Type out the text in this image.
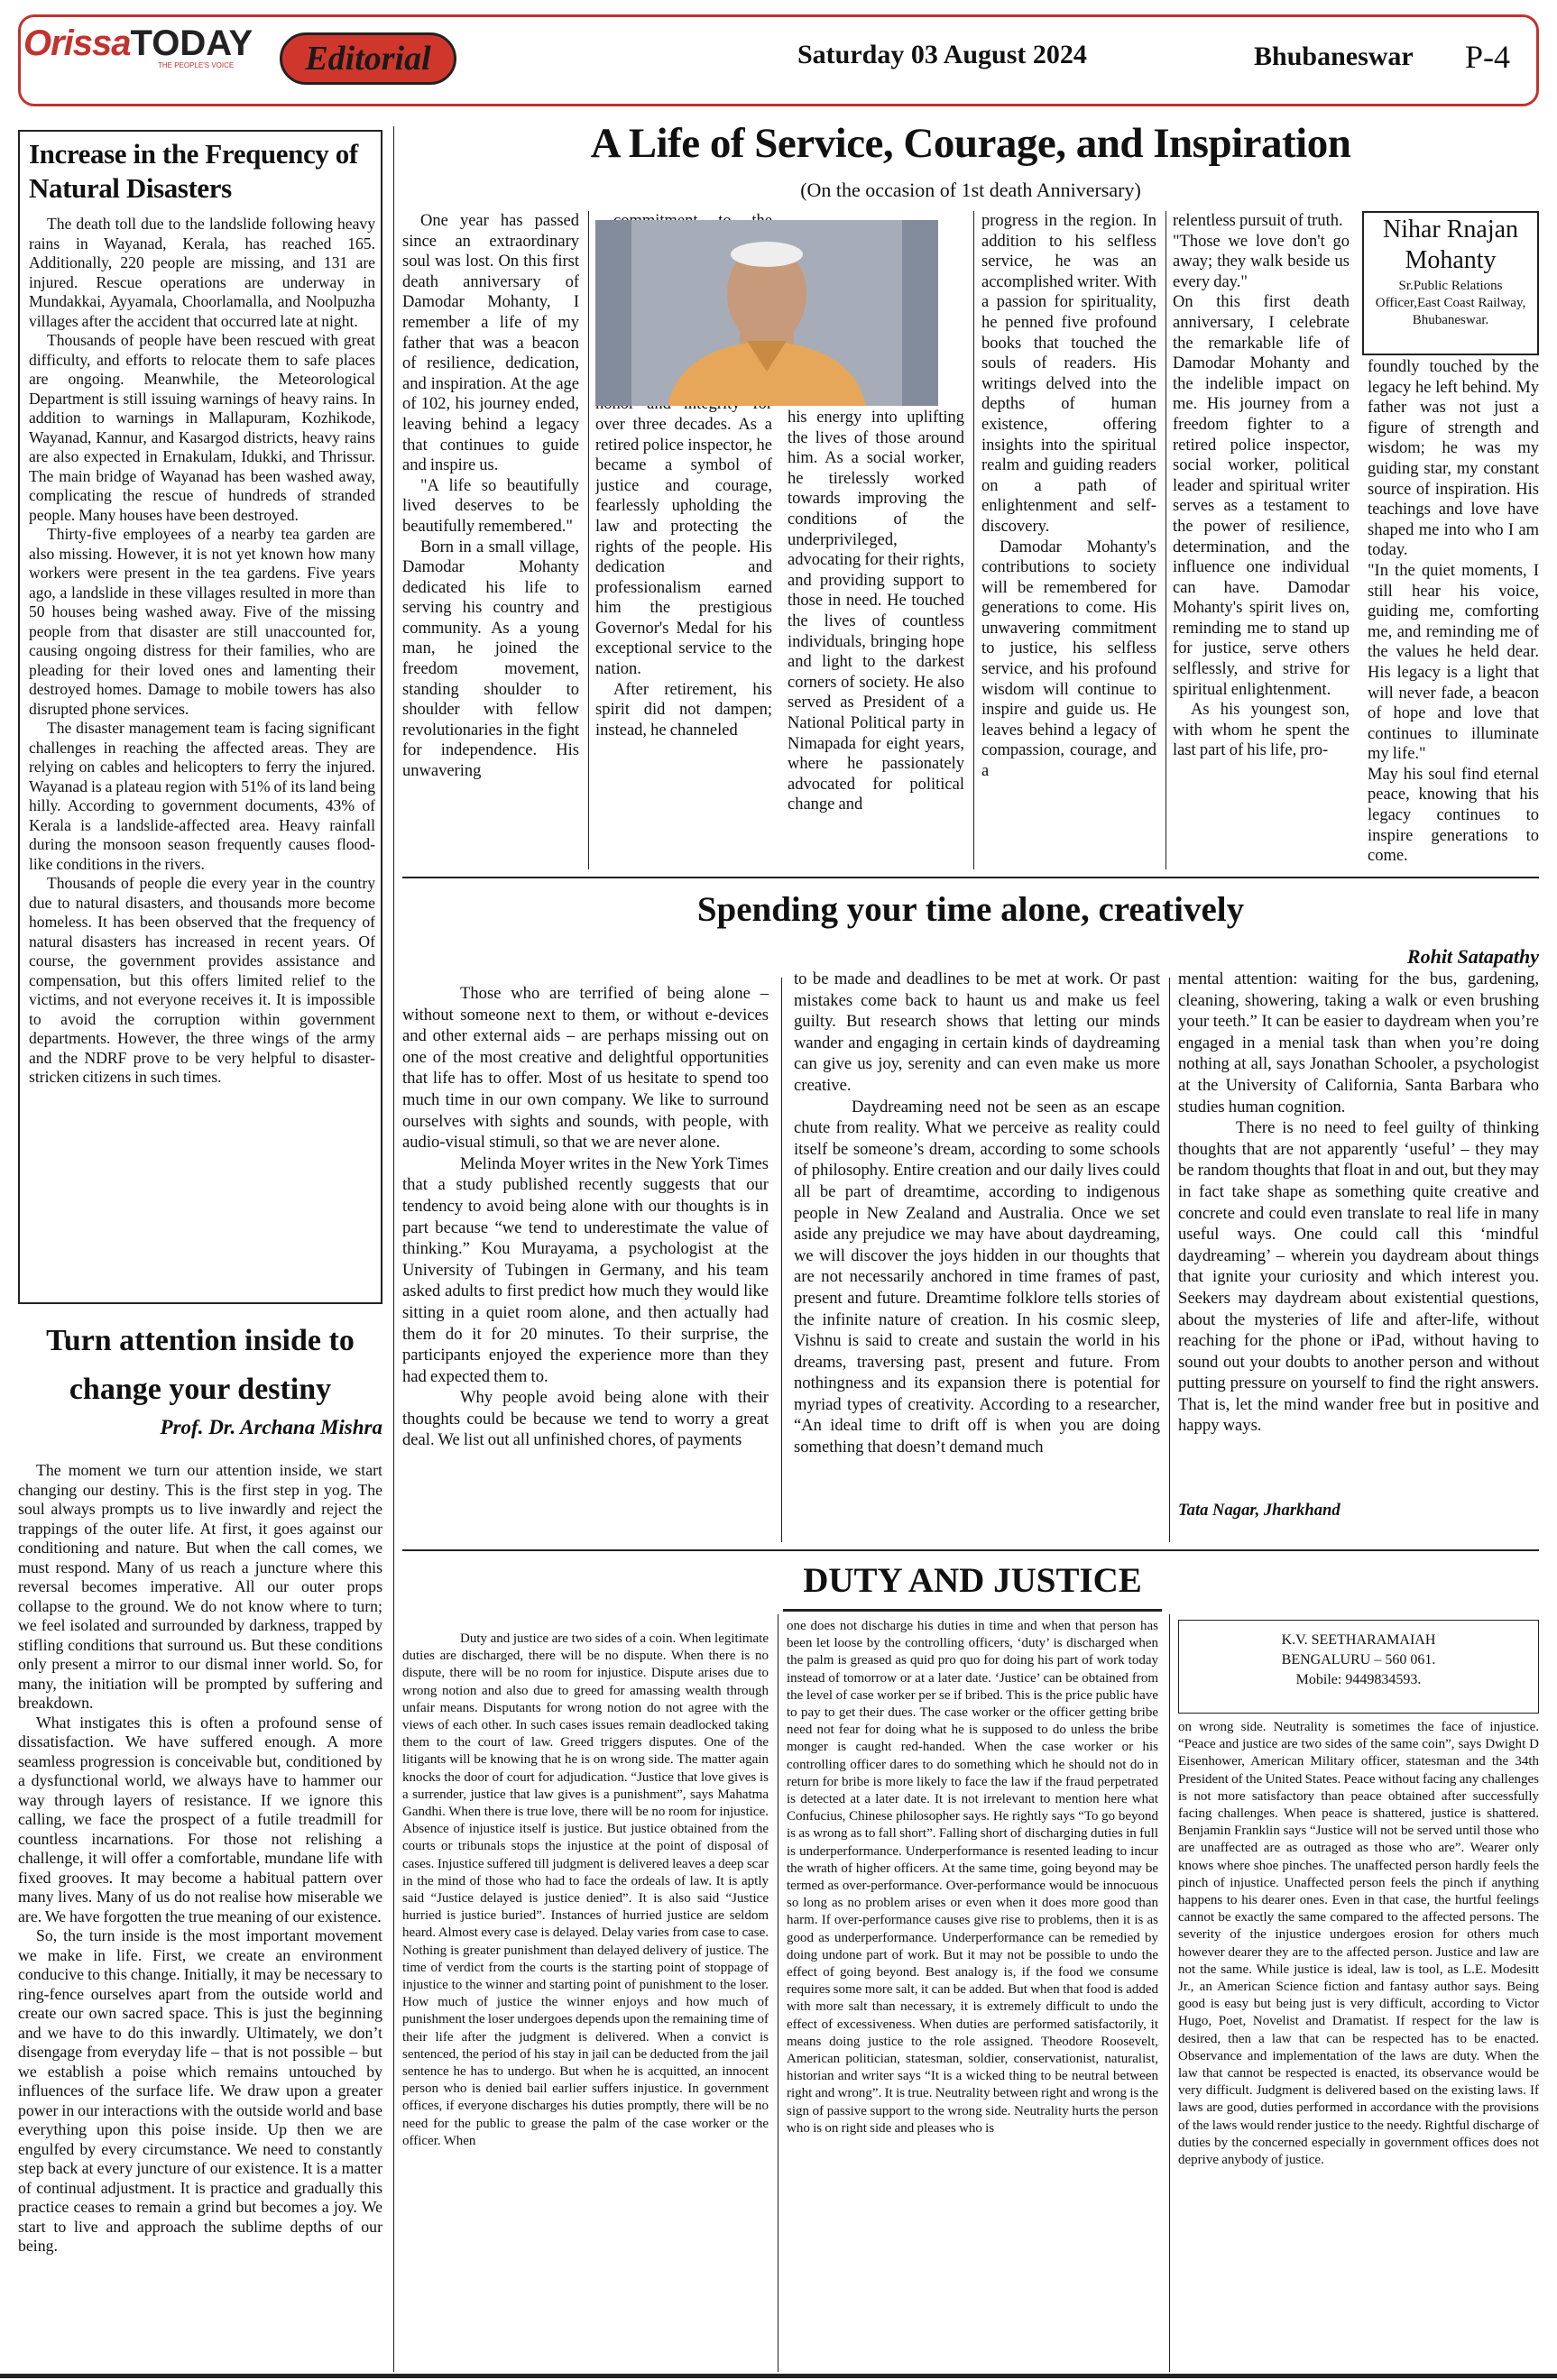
OrissaTODAY
THE PEOPLE'S VOICE	Editorial	Saturday 03 August 2024	Bhubaneswar P-4
Increase in the Frequency of Natural Disasters

The death toll due to the landslide following heavy rains in Wayanad, Kerala, has reached 165. Additionally, 220 people are missing, and 131 are injured. Rescue operations are underway in Mundakkai, Ayyamala, Choorlamalla, and Noolpuzha villages after the accident that occurred late at night.

Thousands of people have been rescued with great difficulty, and efforts to relocate them to safe places are ongoing. Meanwhile, the Meteorological Department is still issuing warnings of heavy rains. In addition to warnings in Mallapuram, Kozhikode, Wayanad, Kannur, and Kasargod districts, heavy rains are also expected in Ernakulam, Idukki, and Thrissur. The main bridge of Wayanad has been washed away, complicating the rescue of hundreds of stranded people. Many houses have been destroyed.

Thirty-five employees of a nearby tea garden are also missing. However, it is not yet known how many workers were present in the tea gardens. Five years ago, a landslide in these villages resulted in more than 50 houses being washed away. Five of the missing people from that disaster are still unaccounted for, causing ongoing distress for their families, who are pleading for their loved ones and lamenting their destroyed homes. Damage to mobile towers has also disrupted phone services.

The disaster management team is facing significant challenges in reaching the affected areas. They are relying on cables and helicopters to ferry the injured. Wayanad is a plateau region with 51% of its land being hilly. According to government documents, 43% of Kerala is a landslide-affected area. Heavy rainfall during the monsoon season frequently causes flood-like conditions in the rivers.

Thousands of people die every year in the country due to natural disasters, and thousands more become homeless. It has been observed that the frequency of natural disasters has increased in recent years. Of course, the government provides assistance and compensation, but this offers limited relief to the victims, and not everyone receives it. It is impossible to avoid the corruption within government departments. However, the three wings of the army and the NDRF prove to be very helpful to disaster-stricken citizens in such times.

Turn attention inside to change your destiny
Prof. Dr. Archana Mishra

The moment we turn our attention inside, we start changing our destiny. This is the first step in yog. The soul always prompts us to live inwardly and reject the trappings of the outer life. At first, it goes against our conditioning and nature. But when the call comes, we must respond. Many of us reach a juncture where this reversal becomes imperative. All our outer props collapse to the ground. We do not know where to turn; we feel isolated and surrounded by darkness, trapped by stifling conditions that surround us. But these conditions only present a mirror to our dismal inner world. So, for many, the initiation will be prompted by suffering and breakdown.

What instigates this is often a profound sense of dissatisfaction. We have suffered enough. A more seamless progression is conceivable but, conditioned by a dysfunctional world, we always have to hammer our way through layers of resistance. If we ignore this calling, we face the prospect of a futile treadmill for countless incarnations. For those not relishing a challenge, it will offer a comfortable, mundane life with fixed grooves. It may become a habitual pattern over many lives. Many of us do not realise how miserable we are. We have forgotten the true meaning of our existence.

So, the turn inside is the most important movement we make in life. First, we create an environment conducive to this change. Initially, it may be necessary to ring-fence ourselves apart from the outside world and create our own sacred space. This is just the beginning and we have to do this inwardly. Ultimately, we don’t disengage from everyday life – that is not possible – but we establish a poise which remains untouched by influences of the surface life. We draw upon a greater power in our interactions with the outside world and base everything upon this poise inside. Up then we are engulfed by every circumstance. We need to constantly step back at every juncture of our existence. It is a matter of continual adjustment. It is practice and gradually this practice ceases to remain a grind but becomes a joy. We start to live and approach the sublime depths of our being.

A Life of Service, Courage, and Inspiration
(On the occasion of 1st death Anniversary)

One year has passed since an extraordinary soul was lost. On this first death anniversary of Damodar Mohanty, I remember a life of my father that was a beacon of resilience, dedication, and inspiration. At the age of 102, his journey ended, leaving behind a legacy that continues to guide and inspire us.

"A life so beautifully lived deserves to be beautifully remembered."

Born in a small village, Damodar Mohanty dedicated his life to serving his country and community. As a young man, he joined the freedom movement, standing shoulder to shoulder with fellow revolutionaries in the fight for independence. His unwavering

over three decades. As a retired police inspector, he became a symbol of justice and courage, fearlessly upholding the law and protecting the rights of the people. His dedication and professionalism earned him the prestigious Governor's Medal for his exceptional service to the nation.

After retirement, his spirit did not dampen; instead, he channeled

his energy into uplifting the lives of those around him. As a social worker, he tirelessly worked towards improving the conditions of the underprivileged, advocating for their rights, and providing support to those in need. He touched the lives of countless individuals, bringing hope and light to the darkest corners of society. He also served as President of a National Political party in Nimapada for eight years, where he passionately advocated for political change and

progress in the region. In addition to his selfless service, he was an accomplished writer. With a passion for spirituality, he penned five profound books that touched the souls of readers. His writings delved into the depths of human existence, offering insights into the spiritual realm and guiding readers on a path of enlightenment and self-discovery.

Damodar Mohanty's contributions to society will be remembered for generations to come. His unwavering commitment to justice, his selfless service, and his profound wisdom will continue to inspire and guide us. He leaves behind a legacy of compassion, courage, and a

relentless pursuit of truth.

"Those we love don't go away; they walk beside us every day."

On this first death anniversary, I celebrate the remarkable life of Damodar Mohanty and the indelible impact on me. His journey from a freedom fighter to a retired police inspector, social worker, political leader and spiritual writer serves as a testament to the power of resilience, determination, and the influence one individual can have. Damodar Mohanty's spirit lives on, reminding me to stand up for justice, serve others selflessly, and strive for spiritual enlightenment.

As his youngest son, with whom he spent the last part of his life, pro-

Nihar Rnajan Mohanty
Sr.Public Relations Officer,East Coast Railway, Bhubaneswar.

foundly touched by the legacy he left behind. My father was not just a figure of strength and wisdom; he was my guiding star, my constant source of inspiration. His teachings and love have shaped me into who I am today.

"In the quiet moments, I still hear his voice, guiding me, comforting me, and reminding me of the values he held dear. His legacy is a light that will never fade, a beacon of hope and love that continues to illuminate my life."

May his soul find eternal peace, knowing that his legacy continues to inspire generations to come.

Spending your time alone, creatively
Rohit Satapathy

Those who are terrified of being alone – without someone next to them, or without e-devices and other external aids – are perhaps missing out on one of the most creative and delightful opportunities that life has to offer. Most of us hesitate to spend too much time in our own company. We like to surround ourselves with sights and sounds, with people, with audio-visual stimuli, so that we are never alone.

Melinda Moyer writes in the New York Times that a study published recently suggests that our tendency to avoid being alone with our thoughts is in part because “we tend to underestimate the value of thinking.” Kou Murayama, a psychologist at the University of Tubingen in Germany, and his team asked adults to first predict how much they would like sitting in a quiet room alone, and then actually had them do it for 20 minutes. To their surprise, the participants enjoyed the experience more than they had expected them to.

Why people avoid being alone with their thoughts could be because we tend to worry a great deal. We list out all unfinished chores, of payments

to be made and deadlines to be met at work. Or past mistakes come back to haunt us and make us feel guilty. But research shows that letting our minds wander and engaging in certain kinds of daydreaming can give us joy, serenity and can even make us more creative.

Daydreaming need not be seen as an escape chute from reality. What we perceive as reality could itself be someone’s dream, according to some schools of philosophy. Entire creation and our daily lives could all be part of dreamtime, according to indigenous people in New Zealand and Australia. Once we set aside any prejudice we may have about daydreaming, we will discover the joys hidden in our thoughts that are not necessarily anchored in time frames of past, present and future. Dreamtime folklore tells stories of the infinite nature of creation. In his cosmic sleep, Vishnu is said to create and sustain the world in his dreams, traversing past, present and future. From nothingness and its expansion there is potential for myriad types of creativity. According to a researcher, “An ideal time to drift off is when you are doing something that doesn’t demand much

mental attention: waiting for the bus, gardening, cleaning, showering, taking a walk or even brushing your teeth.” It can be easier to daydream when you’re engaged in a menial task than when you’re doing nothing at all, says Jonathan Schooler, a psychologist at the University of California, Santa Barbara who studies human cognition.

There is no need to feel guilty of thinking thoughts that are not apparently ‘useful’ – they may be random thoughts that float in and out, but they may in fact take shape as something quite creative and concrete and could even translate to real life in many useful ways. One could call this ‘mindful daydreaming’ – wherein you daydream about things that ignite your curiosity and which interest you. Seekers may daydream about existential questions, about the mysteries of life and after-life, without reaching for the phone or iPad, without having to sound out your doubts to another person and without putting pressure on yourself to find the right answers. That is, let the mind wander free but in positive and happy ways.

Tata Nagar, Jharkhand
DUTY AND JUSTICE

Duty and justice are two sides of a coin. When legitimate duties are discharged, there will be no dispute. When there is no dispute, there will be no room for injustice. Dispute arises due to wrong notion and also due to greed for amassing wealth through unfair means. Disputants for wrong notion do not agree with the views of each other. In such cases issues remain deadlocked taking them to the court of law. Greed triggers disputes. One of the litigants will be knowing that he is on wrong side. The matter again knocks the door of court for adjudication. “Justice that love gives is a surrender, justice that law gives is a punishment”, says Mahatma Gandhi. When there is true love, there will be no room for injustice. Absence of injustice itself is justice. But justice obtained from the courts or tribunals stops the injustice at the point of disposal of cases. Injustice suffered till judgment is delivered leaves a deep scar in the mind of those who had to face the ordeals of law. It is aptly said “Justice delayed is justice denied”. It is also said “Justice hurried is justice buried”. Instances of hurried justice are seldom heard. Almost every case is delayed. Delay varies from case to case. Nothing is greater punishment than delayed delivery of justice. The time of verdict from the courts is the starting point of stoppage of injustice to the winner and starting point of punishment to the loser. How much of justice the winner enjoys and how much of punishment the loser undergoes depends upon the remaining time of their life after the judgment is delivered. When a convict is sentenced, the period of his stay in jail can be deducted from the jail sentence he has to undergo. But when he is acquitted, an innocent person who is denied bail earlier suffers injustice. In government offices, if everyone discharges his duties promptly, there will be no need for the public to grease the palm of the case worker or the officer. When

one does not discharge his duties in time and when that person has been let loose by the controlling officers, ‘duty’ is discharged when the palm is greased as quid pro quo for doing his part of work today instead of tomorrow or at a later date. ‘Justice’ can be obtained from the level of case worker per se if bribed. This is the price public have to pay to get their dues. The case worker or the officer getting bribe need not fear for doing what he is supposed to do unless the bribe monger is caught red-handed. When the case worker or his controlling officer dares to do something which he should not do in return for bribe is more likely to face the law if the fraud perpetrated is detected at a later date. It is not irrelevant to mention here what Confucius, Chinese philosopher says. He rightly says “To go beyond is as wrong as to fall short”. Falling short of discharging duties in full is underperformance. Underperformance is resented leading to incur the wrath of higher officers. At the same time, going beyond may be termed as over-performance. Over-performance would be innocuous so long as no problem arises or even when it does more good than harm. If over-performance causes give rise to problems, then it is as good as underperformance. Underperformance can be remedied by doing undone part of work. But it may not be possible to undo the effect of going beyond. Best analogy is, if the food we consume requires some more salt, it can be added. But when that food is added with more salt than necessary, it is extremely difficult to undo the effect of excessiveness. When duties are performed satisfactorily, it means doing justice to the role assigned. Theodore Roosevelt, American politician, statesman, soldier, conservationist, naturalist, historian and writer says “It is a wicked thing to be neutral between right and wrong”. It is true. Neutrality between right and wrong is the sign of passive support to the wrong side. Neutrality hurts the person who is on right side and pleases who is

K.V. SEETHARAMAIAH
BENGALURU – 560 061.
Mobile: 9449834593.

on wrong side. Neutrality is sometimes the face of injustice. “Peace and justice are two sides of the same coin”, says Dwight D Eisenhower, American Military officer, statesman and the 34th President of the United States. Peace without facing any challenges is not more satisfactory than peace obtained after successfully facing challenges. When peace is shattered, justice is shattered. Benjamin Franklin says “Justice will not be served until those who are unaffected are as outraged as those who are”. Wearer only knows where shoe pinches. The unaffected person hardly feels the pinch of injustice. Unaffected person feels the pinch if anything happens to his dearer ones. Even in that case, the hurtful feelings cannot be exactly the same compared to the affected persons. The severity of the injustice undergoes erosion for others much however dearer they are to the affected person. Justice and law are not the same. While justice is ideal, law is tool, as L.E. Modesitt Jr., an American Science fiction and fantasy author says. Being good is easy but being just is very difficult, according to Victor Hugo, Poet, Novelist and Dramatist. If respect for the law is desired, then a law that can be respected has to be enacted. Observance and implementation of the laws are duty. When the law that cannot be respected is enacted, its observance would be very difficult. Judgment is delivered based on the existing laws. If laws are good, duties performed in accordance with the provisions of the laws would render justice to the needy. Rightful discharge of duties by the concerned especially in government offices does not deprive anybody of justice.
